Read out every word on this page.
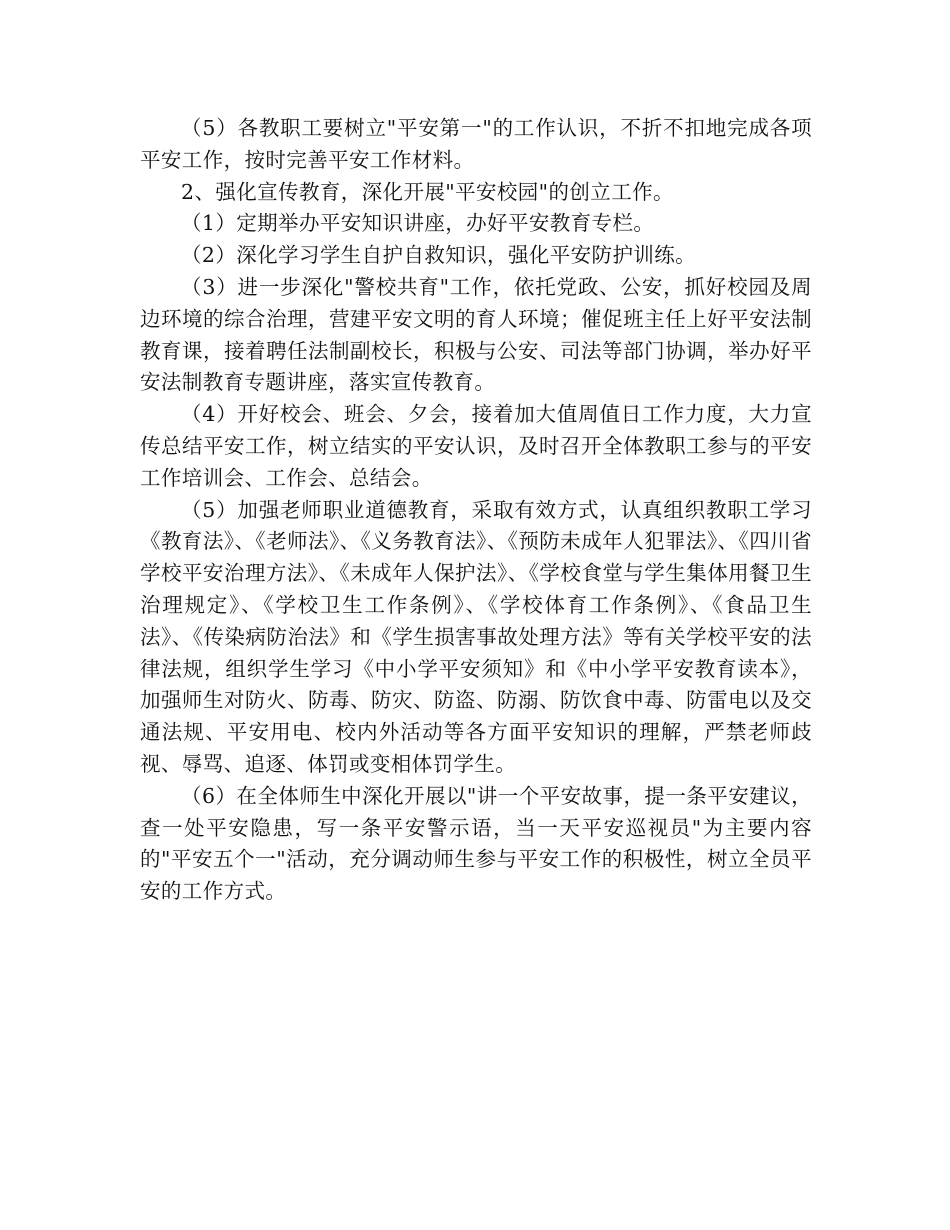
（5）各教职工要树立"平安第一"的工作认识，不折不扣地完成各项平安工作，按时完善平安工作材料。

2、强化宣传教育，深化开展"平安校园"的创立工作。

（1）定期举办平安知识讲座，办好平安教育专栏。

（2）深化学习学生自护自救知识，强化平安防护训练。

（3）进一步深化"警校共育"工作，依托党政、公安，抓好校园及周边环境的综合治理，营建平安文明的育人环境；催促班主任上好平安法制教育课，接着聘任法制副校长，积极与公安、司法等部门协调，举办好平安法制教育专题讲座，落实宣传教育。

（4）开好校会、班会、夕会，接着加大值周值日工作力度，大力宣传总结平安工作，树立结实的平安认识，及时召开全体教职工参与的平安工作培训会、工作会、总结会。

（5）加强老师职业道德教育，采取有效方式，认真组织教职工学习《教育法》、《老师法》、《义务教育法》、《预防未成年人犯罪法》、《四川省学校平安治理方法》、《未成年人保护法》、《学校食堂与学生集体用餐卫生治理规定》、《学校卫生工作条例》、《学校体育工作条例》、《食品卫生法》、《传染病防治法》和《学生损害事故处理方法》等有关学校平安的法律法规，组织学生学习《中小学平安须知》和《中小学平安教育读本》，加强师生对防火、防毒、防灾、防盗、防溺、防饮食中毒、防雷电以及交通法规、平安用电、校内外活动等各方面平安知识的理解，严禁老师歧视、辱骂、追逐、体罚或变相体罚学生。

（6）在全体师生中深化开展以"讲一个平安故事，提一条平安建议，查一处平安隐患，写一条平安警示语，当一天平安巡视员"为主要内容的"平安五个一"活动，充分调动师生参与平安工作的积极性，树立全员平安的工作方式。
